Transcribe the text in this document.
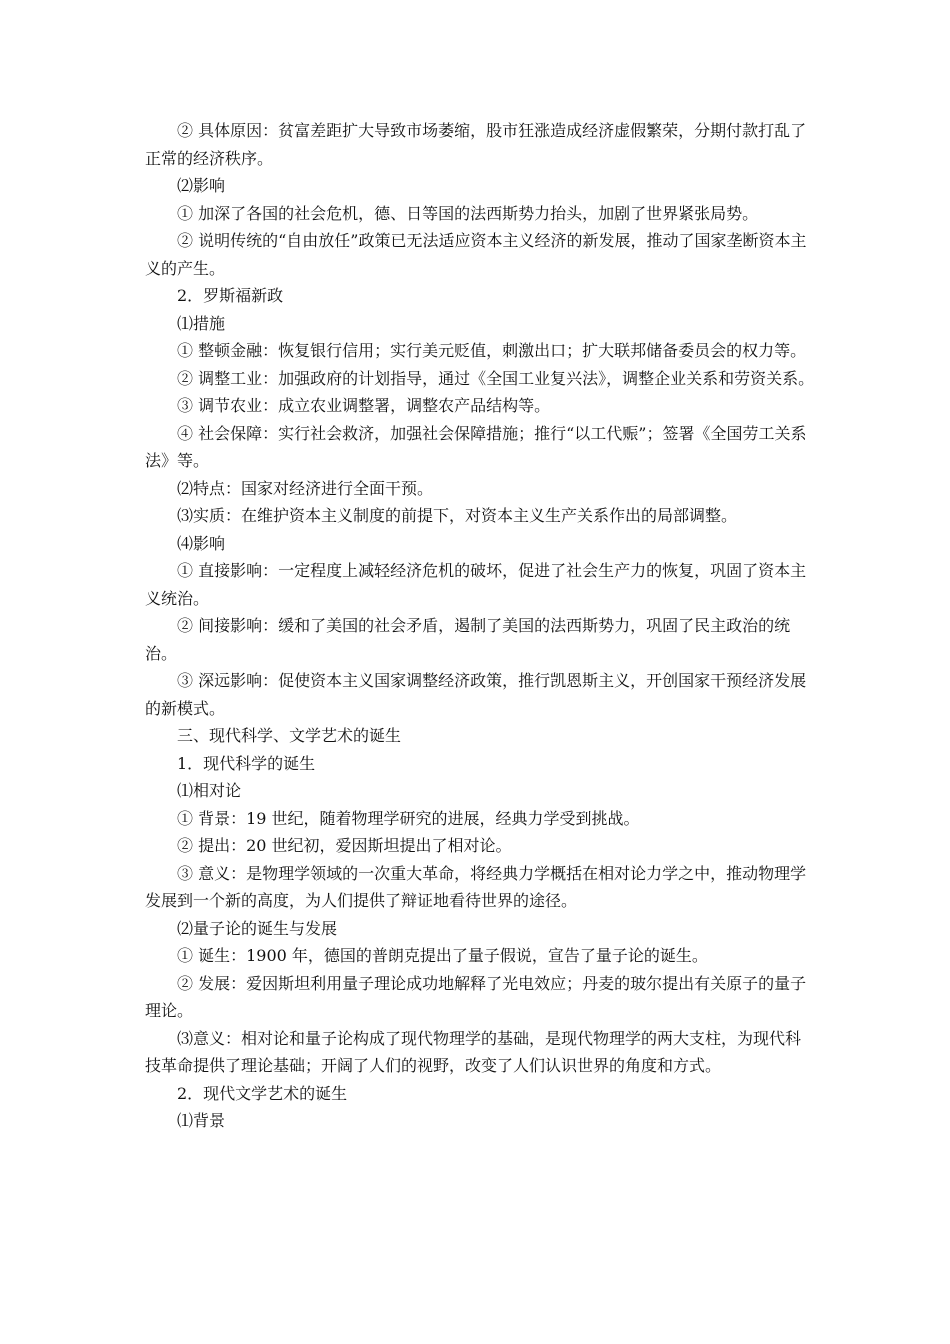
② 具体原因：贫富差距扩大导致市场萎缩，股市狂涨造成经济虚假繁荣，分期付款打乱了正常的经济秩序。

⑵影响

① 加深了各国的社会危机，德、日等国的法西斯势力抬头，加剧了世界紧张局势。

② 说明传统的“自由放任”政策已无法适应资本主义经济的新发展，推动了国家垄断资本主义的产生。

2．罗斯福新政

⑴措施

① 整顿金融：恢复银行信用；实行美元贬值，刺激出口；扩大联邦储备委员会的权力等。

② 调整工业：加强政府的计划指导，通过《全国工业复兴法》，调整企业关系和劳资关系。

③ 调节农业：成立农业调整署，调整农产品结构等。

④ 社会保障：实行社会救济，加强社会保障措施；推行“以工代赈”；签署《全国劳工关系法》等。

⑵特点：国家对经济进行全面干预。

⑶实质：在维护资本主义制度的前提下，对资本主义生产关系作出的局部调整。

⑷影响

① 直接影响：一定程度上减轻经济危机的破坏，促进了社会生产力的恢复，巩固了资本主义统治。

② 间接影响：缓和了美国的社会矛盾，遏制了美国的法西斯势力，巩固了民主政治的统治。

③ 深远影响：促使资本主义国家调整经济政策，推行凯恩斯主义，开创国家干预经济发展的新模式。

三、现代科学、文学艺术的诞生

1．现代科学的诞生

⑴相对论

① 背景：19 世纪，随着物理学研究的进展，经典力学受到挑战。

② 提出：20 世纪初，爱因斯坦提出了相对论。

③ 意义：是物理学领域的一次重大革命，将经典力学概括在相对论力学之中，推动物理学发展到一个新的高度，为人们提供了辩证地看待世界的途径。

⑵量子论的诞生与发展

① 诞生：1900 年，德国的普朗克提出了量子假说，宣告了量子论的诞生。

② 发展：爱因斯坦利用量子理论成功地解释了光电效应；丹麦的玻尔提出有关原子的量子理论。

⑶意义：相对论和量子论构成了现代物理学的基础，是现代物理学的两大支柱，为现代科技革命提供了理论基础；开阔了人们的视野，改变了人们认识世界的角度和方式。

2．现代文学艺术的诞生

⑴背景
